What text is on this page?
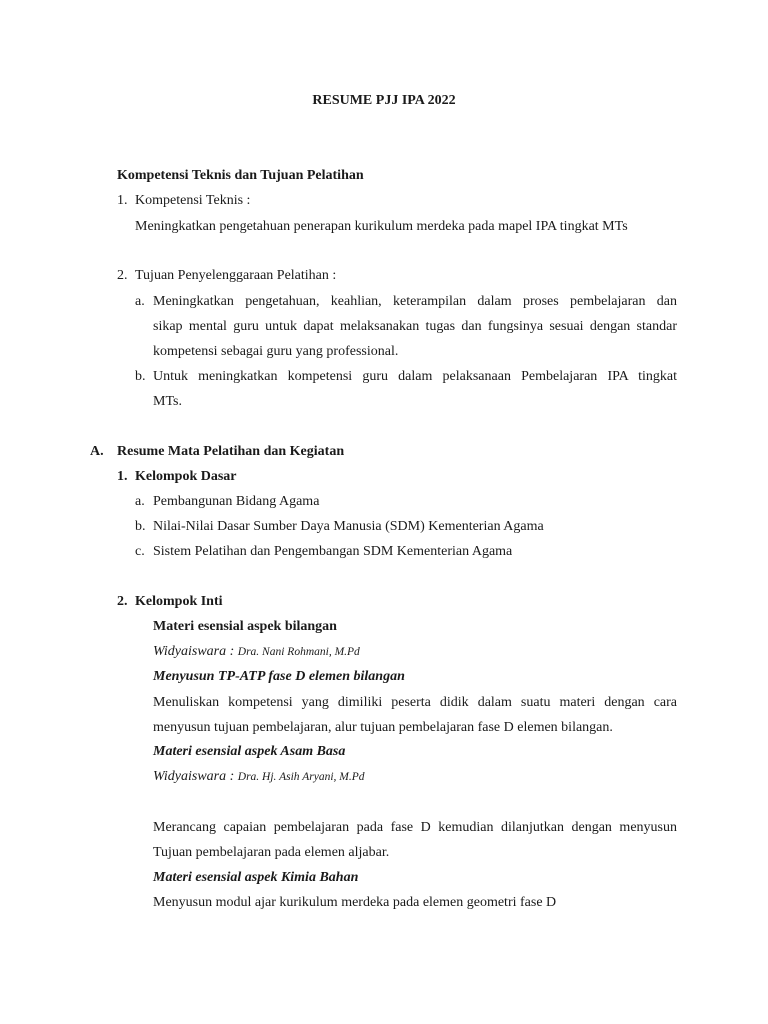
RESUME PJJ IPA 2022
Kompetensi Teknis dan Tujuan Pelatihan
1. Kompetensi Teknis :
Meningkatkan pengetahuan penerapan kurikulum merdeka pada mapel IPA tingkat MTs
2. Tujuan Penyelenggaraan Pelatihan :
a. Meningkatkan pengetahuan, keahlian, keterampilan dalam proses pembelajaran dan
sikap mental guru untuk dapat melaksanakan tugas dan fungsinya sesuai dengan standar
kompetensi sebagai guru yang professional.
b. Untuk meningkatkan kompetensi guru dalam pelaksanaan Pembelajaran IPA tingkat
MTs.
A. Resume Mata Pelatihan dan Kegiatan
1. Kelompok Dasar
a. Pembangunan Bidang Agama
b. Nilai-Nilai Dasar Sumber Daya Manusia (SDM) Kementerian Agama
c. Sistem Pelatihan dan Pengembangan SDM Kementerian Agama
2. Kelompok Inti
Materi esensial aspek bilangan
Widyaiswara : Dra. Nani Rohmani, M.Pd
Menyusun TP-ATP fase D elemen bilangan
Menuliskan kompetensi yang dimiliki peserta didik dalam suatu materi dengan cara
menyusun tujuan pembelajaran, alur tujuan pembelajaran fase D elemen bilangan.
Materi esensial aspek Asam Basa
Widyaiswara : Dra. Hj. Asih Aryani, M.Pd
Merancang capaian pembelajaran pada fase D kemudian dilanjutkan dengan menyusun
Tujuan pembelajaran pada elemen aljabar.
Materi esensial aspek Kimia Bahan
Menyusun modul ajar kurikulum merdeka pada elemen geometri fase D
